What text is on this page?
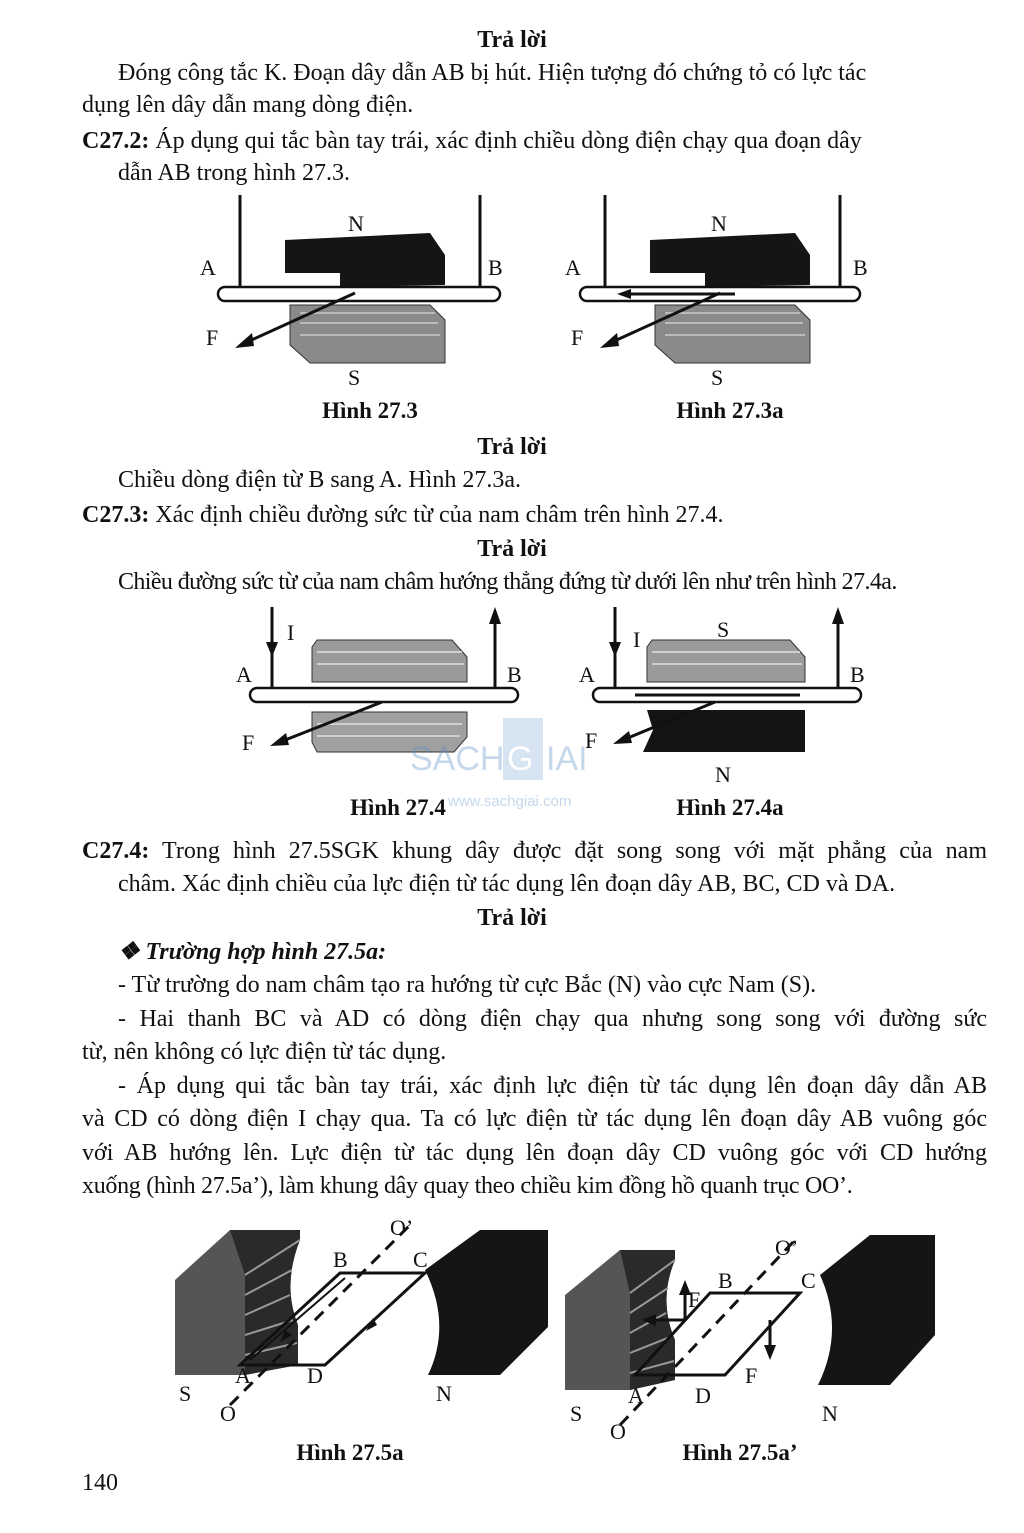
Trả lời
Đóng công tắc K. Đoạn dây dẫn AB bị hút. Hiện tượng đó chứng tỏ có lực tác
dụng lên dây dẫn mang dòng điện.
C27.2: Áp dụng qui tắc bàn tay trái, xác định chiều dòng điện chạy qua đoạn dây
dẫn AB trong hình 27.3.
N
A	B
F
S
Hình 27.3
N
A	B
F
S
Hình 27.3a
Trả lời
Chiều dòng điện từ B sang A. Hình 27.3a.
C27.3: Xác định chiều đường sức từ của nam châm trên hình 27.4.
Trả lời
Chiều đường sức từ của nam châm hướng thẳng đứng từ dưới lên như trên hình 27.4a.
I
A	B
F
Hình 27.4
I	S
A	B
F
N
Hình 27.4a
SACH G IAI
www.sachgiai.com
C27.4: Trong hình 27.5SGK khung dây được đặt song song với mặt phẳng của nam
châm. Xác định chiều của lực điện từ tác dụng lên đoạn dây AB, BC, CD và DA.
Trả lời
❖ Trường hợp hình 27.5a:
- Từ trường do nam châm tạo ra hướng từ cực Bắc (N) vào cực Nam (S).
- Hai thanh BC và AD có dòng điện chạy qua nhưng song song với đường sức
từ, nên không có lực điện từ tác dụng.
- Áp dụng qui tắc bàn tay trái, xác định lực điện từ tác dụng lên đoạn dây dẫn AB
và CD có dòng điện I chạy qua. Ta có lực điện từ tác dụng lên đoạn dây AB vuông góc
với AB hướng lên. Lực điện từ tác dụng lên đoạn dây CD vuông góc với CD hướng
xuống (hình 27.5a’), làm khung dây quay theo chiều kim đồng hồ quanh trục OO’.
O’
B	C
A	D
S	N
O
Hình 27.5a
O’
B	C
F
F
A D
S	N
O
Hình 27.5a’
140
